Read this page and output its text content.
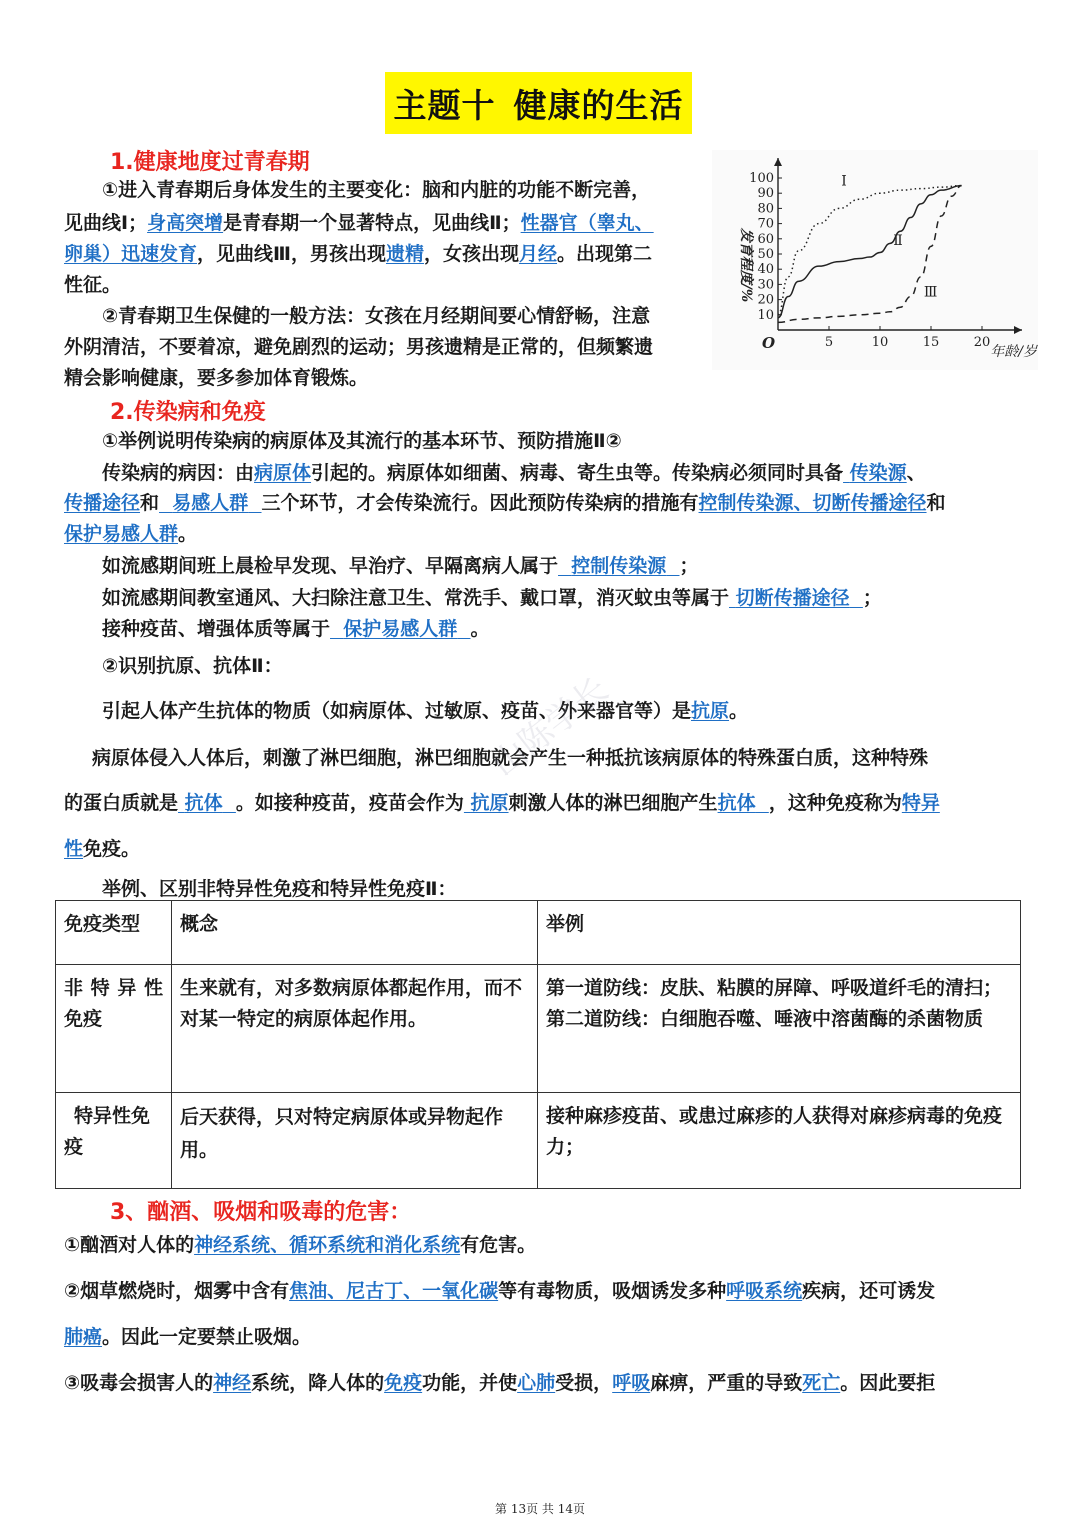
主题十 健康的生活
1.健康地度过青春期
①进入青春期后身体发生的主要变化：脑和内脏的功能不断完善，
见曲线Ⅰ；身高突增是青春期一个显著特点，见曲线Ⅱ；性器官（睾丸、
卵巢）迅速发育，见曲线Ⅲ，男孩出现遗精，女孩出现月经。出现第二
性征。
②青春期卫生保健的一般方法：女孩在月经期间要心情舒畅，注意
外阴清洁，不要着凉，避免剧烈的运动；男孩遗精是正常的，但频繁遗
精会影响健康，要多参加体育锻炼。
5	10	15	20
10
20
30
40
50
60
70
80
90
100	Ⅰ
Ⅱ
Ⅲ
发育程度/%
年龄/岁
O
2.传染病和免疫
①举例说明传染病的病原体及其流行的基本环节、预防措施Ⅱ②
传染病的病因：由病原体引起的。病原体如细菌、病毒、寄生虫等。传染病必须同时具备 传染源、
传播途径和 易感人群 三个环节，才会传染流行。因此预防传染病的措施有控制传染源、切断传播途径和
保护易感人群。
如流感期间班上晨检早发现、早治疗、早隔离病人属于 控制传染源 ；
如流感期间教室通风、大扫除注意卫生、常洗手、戴口罩，消灭蚊虫等属于 切断传播途径 ；
接种疫苗、增强体质等属于 保护易感人群 。
②识别抗原、抗体Ⅱ：
引起人体产生抗体的物质（如病原体、过敏原、疫苗、外来器官等）是抗原。
病原体侵入人体后，刺激了淋巴细胞，淋巴细胞就会产生一种抵抗该病原体的特殊蛋白质，这种特殊
的蛋白质就是 抗体 。如接种疫苗，疫苗会作为 抗原刺激人体的淋巴细胞产生抗体 ，这种免疫称为特异
性免疫。
举例、区别非特异性免疫和特异性免疫Ⅱ：
免疫类型	概念	举例

非特异性
免疫	生来就有，对多数病原体都起作用，而不对某一特定的病原体起作用。	第一道防线：皮肤、粘膜的屏障、呼吸道纤毛的清扫；第二道防线：白细胞吞噬、唾液中溶菌酶的杀菌物质

特异性免
疫	后天获得，只对特定病原体或异物起作用。	接种麻疹疫苗、或患过麻疹的人获得对麻疹病毒的免疫力；
3、酗酒、吸烟和吸毒的危害：
①酗酒对人体的神经系统、循环系统和消化系统有危害。
②烟草燃烧时，烟雾中含有焦油、尼古丁、一氧化碳等有毒物质，吸烟诱发多种呼吸系统疾病，还可诱发
肺癌。因此一定要禁止吸烟。
③吸毒会损害人的神经系统，降人体的免疫功能，并使心肺受损，呼吸麻痹，严重的导致死亡。因此要拒
山陈学长
第 13页 共 14页
